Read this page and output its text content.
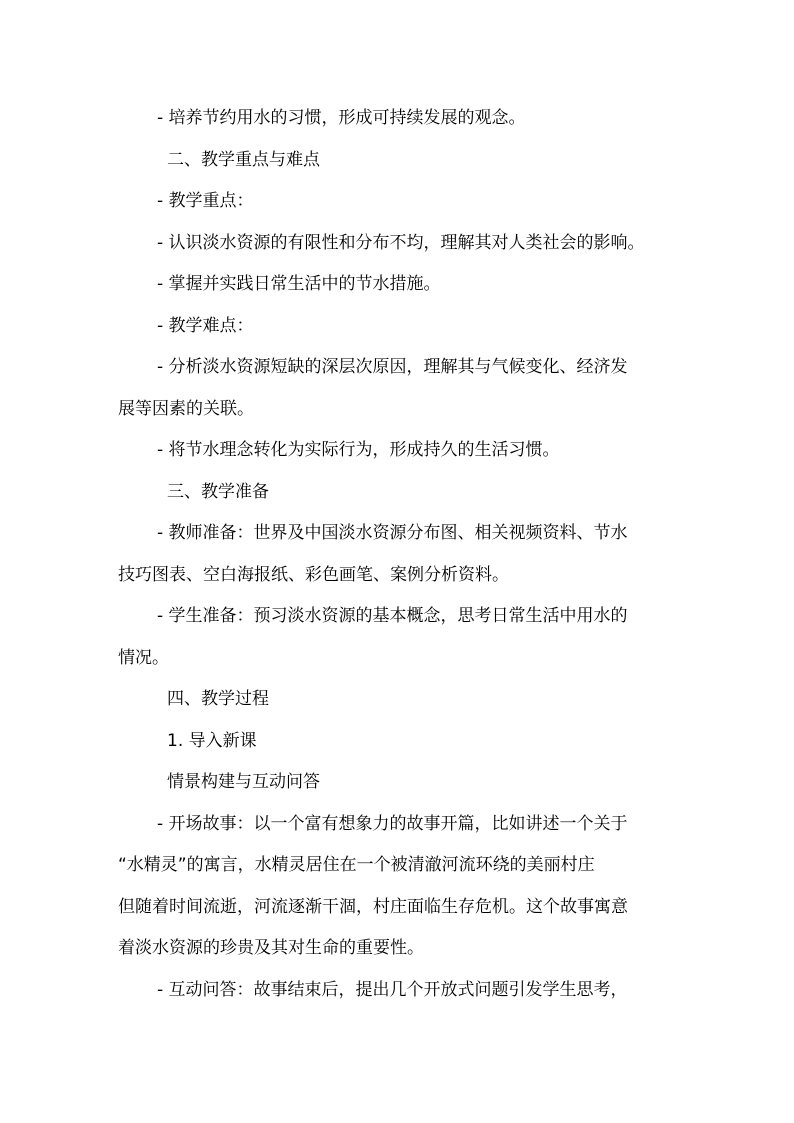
- 培养节约用水的习惯，形成可持续发展的观念。
二、教学重点与难点
- 教学重点：
- 认识淡水资源的有限性和分布不均，理解其对人类社会的影响。
- 掌握并实践日常生活中的节水措施。
- 教学难点：
- 分析淡水资源短缺的深层次原因，理解其与气候变化、经济发
展等因素的关联。
- 将节水理念转化为实际行为，形成持久的生活习惯。
三、教学准备
- 教师准备：世界及中国淡水资源分布图、相关视频资料、节水
技巧图表、空白海报纸、彩色画笔、案例分析资料。
- 学生准备：预习淡水资源的基本概念，思考日常生活中用水的
情况。
四、教学过程
1. 导入新课
情景构建与互动问答
- 开场故事：以一个富有想象力的故事开篇，比如讲述一个关于
“水精灵”的寓言，水精灵居住在一个被清澈河流环绕的美丽村庄
但随着时间流逝，河流逐渐干涸，村庄面临生存危机。这个故事寓意
着淡水资源的珍贵及其对生命的重要性。
- 互动问答：故事结束后，提出几个开放式问题引发学生思考，
